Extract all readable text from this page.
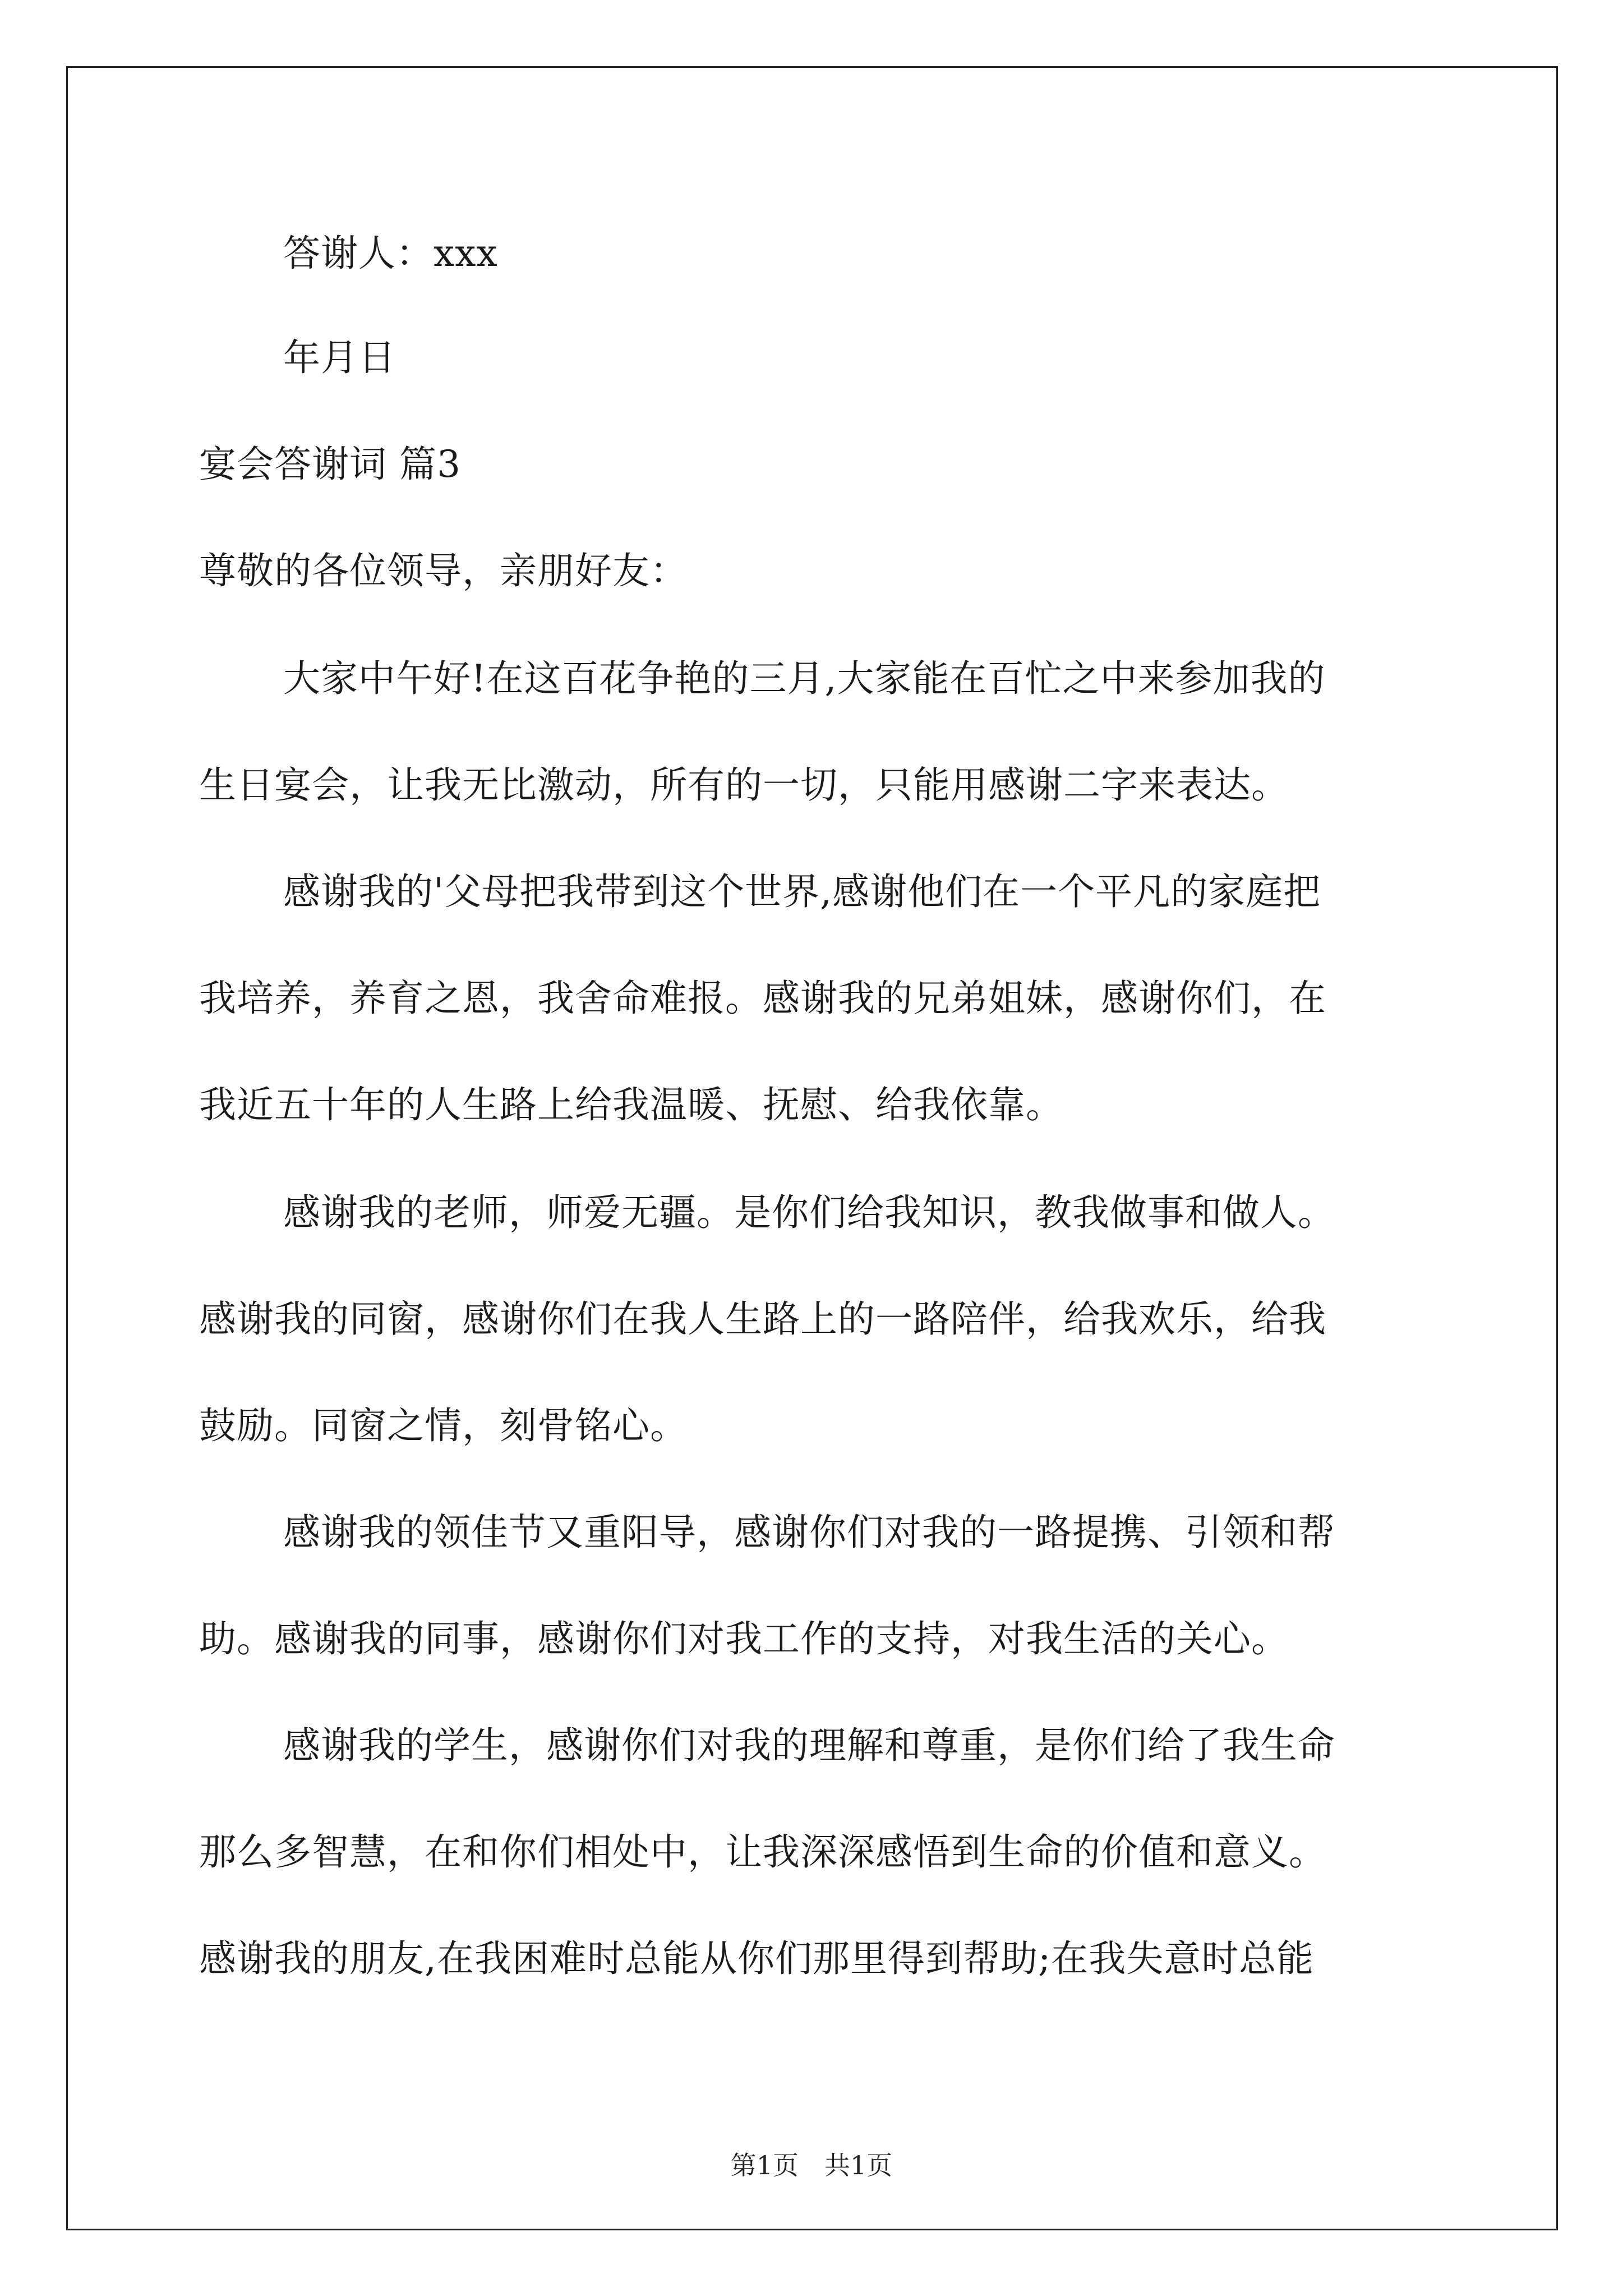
答谢人：xxx
年月日
宴会答谢词 篇3
尊敬的各位领导，亲朋好友：
大家中午好!在这百花争艳的三月,大家能在百忙之中来参加我的
生日宴会，让我无比激动，所有的一切，只能用感谢二字来表达。
感谢我的'父母把我带到这个世界,感谢他们在一个平凡的家庭把
我培养，养育之恩，我舍命难报。感谢我的兄弟姐妹，感谢你们，在
我近五十年的人生路上给我温暖、抚慰、给我依靠。
感谢我的老师，师爱无疆。是你们给我知识，教我做事和做人。
感谢我的同窗，感谢你们在我人生路上的一路陪伴，给我欢乐，给我
鼓励。同窗之情，刻骨铭心。
感谢我的领佳节又重阳导，感谢你们对我的一路提携、引领和帮
助。感谢我的同事，感谢你们对我工作的支持，对我生活的关心。
感谢我的学生，感谢你们对我的理解和尊重，是你们给了我生命
那么多智慧，在和你们相处中，让我深深感悟到生命的价值和意义。
感谢我的朋友,在我困难时总能从你们那里得到帮助;在我失意时总能
第1页　共1页
